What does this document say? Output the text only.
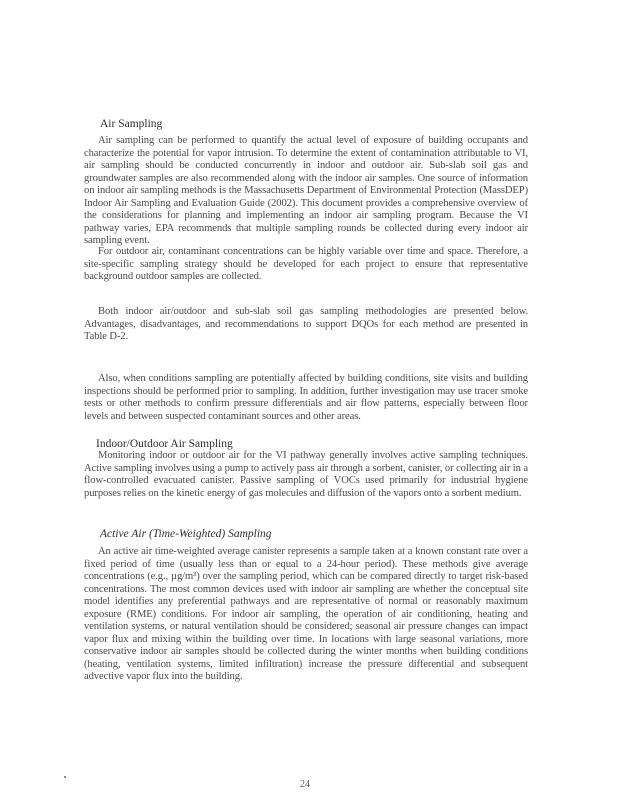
Air Sampling
Air sampling can be performed to quantify the actual level of exposure of building occupants and characterize the potential for vapor intrusion. To determine the extent of contamination attributable to VI, air sampling should be conducted concurrently in indoor and outdoor air. Sub-slab soil gas and groundwater samples are also recommended along with the indoor air samples. One source of information on indoor air sampling methods is the Massachusetts Department of Environmental Protection (MassDEP) Indoor Air Sampling and Evaluation Guide (2002). This document provides a comprehensive overview of the considerations for planning and implementing an indoor air sampling program. Because the VI pathway varies, EPA recommends that multiple sampling rounds be collected during every indoor air sampling event.
For outdoor air, contaminant concentrations can be highly variable over time and space. Therefore, a site-specific sampling strategy should be developed for each project to ensure that representative background outdoor samples are collected.
Both indoor air/outdoor and sub-slab soil gas sampling methodologies are presented below. Advantages, disadvantages, and recommendations to support DQOs for each method are presented in Table D-2.
Also, when conditions sampling are potentially affected by building conditions, site visits and building inspections should be performed prior to sampling. In addition, further investigation may use tracer smoke tests or other methods to confirm pressure differentials and air flow patterns, especially between floor levels and between suspected contaminant sources and other areas.
Indoor/Outdoor Air Sampling
Monitoring indoor or outdoor air for the VI pathway generally involves active sampling techniques. Active sampling involves using a pump to actively pass air through a sorbent, canister, or collecting air in a flow-controlled evacuated canister. Passive sampling of VOCs used primarily for industrial hygiene purposes relies on the kinetic energy of gas molecules and diffusion of the vapors onto a sorbent medium.
Active Air (Time-Weighted) Sampling
An active air time-weighted average canister represents a sample taken at a known constant rate over a fixed period of time (usually less than or equal to a 24-hour period). These methods give average concentrations (e.g., µg/m³) over the sampling period, which can be compared directly to target risk-based concentrations. The most common devices used with indoor air sampling are whether the conceptual site model identifies any preferential pathways and are representative of normal or reasonably maximum exposure (RME) conditions. For indoor air sampling, the operation of air conditioning, heating and ventilation systems, or natural ventilation should be considered; seasonal air pressure changes can impact vapor flux and mixing within the building over time. In locations with large seasonal variations, more conservative indoor air samples should be collected during the winter months when building conditions (heating, ventilation systems, limited infiltration) increase the pressure differential and subsequent advective vapor flux into the building.
24
